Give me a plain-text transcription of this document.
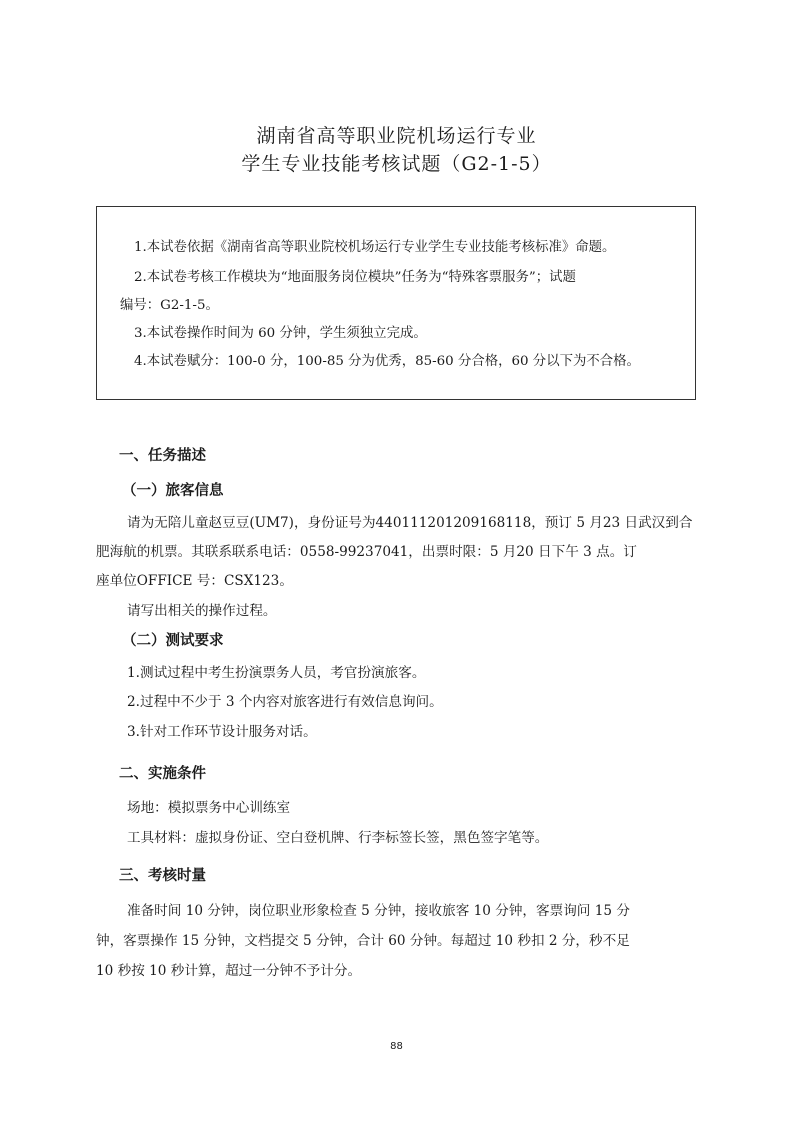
湖南省高等职业院机场运行专业
学生专业技能考核试题（G2-1-5）
1.本试卷依据《湖南省高等职业院校机场运行专业学生专业技能考核标准》命题。
2.本试卷考核工作模块为“地面服务岗位模块”任务为“特殊客票服务”；试题
编号：G2-1-5。
3.本试卷操作时间为 60 分钟，学生须独立完成。
4.本试卷赋分：100-0 分，100-85 分为优秀，85-60 分合格，60 分以下为不合格。
一、任务描述
（一）旅客信息
请为无陪儿童赵豆豆(UM7)，身份证号为440111201209168118，预订 5 月23 日武汉到合
肥海航的机票。其联系联系电话：0558-99237041，出票时限：5 月20 日下午 3 点。订
座单位OFFICE 号：CSX123。
请写出相关的操作过程。
（二）测试要求
1.测试过程中考生扮演票务人员，考官扮演旅客。
2.过程中不少于 3 个内容对旅客进行有效信息询问。
3.针对工作环节设计服务对话。
二、实施条件
场地：模拟票务中心训练室
工具材料：虚拟身份证、空白登机牌、行李标签长签，黑色签字笔等。
三、考核时量
准备时间 10 分钟，岗位职业形象检查 5 分钟，接收旅客 10 分钟，客票询问 15 分
钟，客票操作 15 分钟，文档提交 5 分钟，合计 60 分钟。每超过 10 秒扣 2 分，秒不足
10 秒按 10 秒计算，超过一分钟不予计分。
88
